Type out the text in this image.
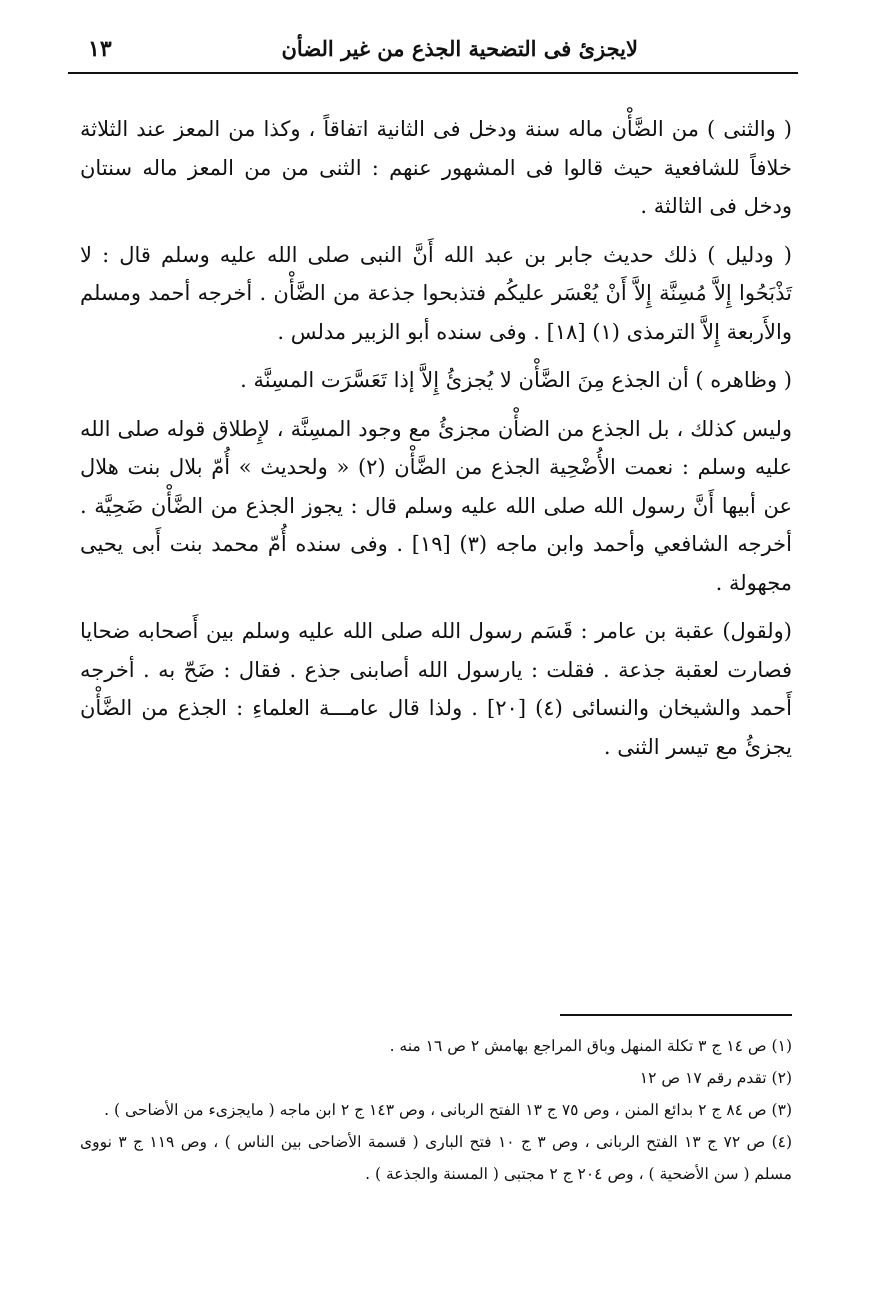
لايجزئ فى التضحية الجذع من غير الضأن
١٣

( والثنى ) من الضَّأْن ماله سنة ودخل فى الثانية اتفاقاً ، وكذا من المعز عند الثلاثة خلافاً للشافعية حيث قالوا فى المشهور عنهم : الثنى من من المعز ماله سنتان ودخل فى الثالثة .

( ودليل ) ذلك حديث جابر بن عبد الله أَنَّ النبى صلى الله عليه وسلم قال : لا تَذْبَحُوا إِلاَّ مُسِنَّة إِلاَّ أَنْ يُعْسَر عليكُم فتذبحوا جذعة من الضَّأْن . أخرجه أحمد ومسلم والأَربعة إِلاَّ الترمذى (١) [١٨] . وفى سنده أبو الزبير مدلس .

( وظاهره ) أن الجذع مِنَ الضَّأْن لا يُجزئُ إِلاَّ إذا تَعَسَّرَت المسِنَّة .

وليس كذلك ، بل الجذع من الضأْن مجزئُ مع وجود المسِنَّة ، لإِطلاق قوله صلى الله عليه وسلم : نعمت الأُضْحِية الجذع من الضَّأْن (٢) « ولحديث » أُمّ بلال بنت هلال عن أبيها أَنَّ رسول الله صلى الله عليه وسلم قال : يجوز الجذع من الضَّأْن ضَحِيَّة . أخرجه الشافعي وأحمد وابن ماجه (٣) [١٩] . وفى سنده أُمّ محمد بنت أَبى يحيى مجهولة .

(ولقول) عقبة بن عامر : قَسَم رسول الله صلى الله عليه وسلم بين أَصحابه ضحايا فصارت لعقبة جذعة . فقلت : يارسول الله أصابنى جذع . فقال : ضَحّ به . أخرجه أَحمد والشيخان والنسائى (٤) [٢٠] . ولذا قال عامـــة العلماءِ : الجذع من الضَّأْن يجزئُ مع تيسر الثنى .

(١) ص ١٤ ج ٣ تكلة المنهل وباق المراجع بهامش ٢ ص ١٦ منه .

(٢) تقدم رقم ١٧ ص ١٢

(٣) ص ٨٤ ج ٢ بدائع المنن ، وص ٧٥ ج ١٣ الفتح الربانى ، وص ١٤٣ ج ٢ ابن ماجه ( مايجزىء من الأضاحى ) .

(٤) ص ٧٢ ج ١٣ الفتح الربانى ، وص ٣ ج ١٠ فتح البارى ( قسمة الأضاحى بين الناس ) ، وص ١١٩ ج ٣ نووى مسلم ( سن الأضحية ) ، وص ٢٠٤ ج ٢ مجتبى ( المسنة والجذعة ) .
